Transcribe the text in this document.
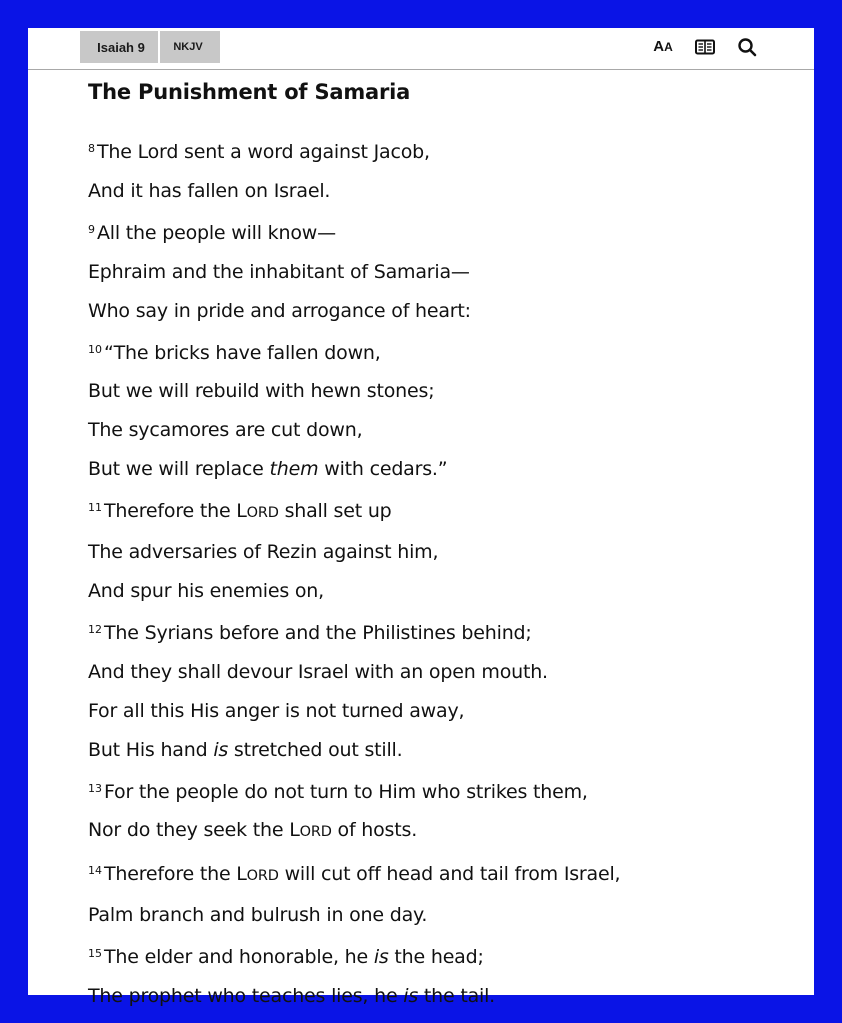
Isaiah 9	NKJV	AA
The Punishment of Samaria
$^8$ The Lord sent a word against Jacob,
And it has fallen on Israel.
$^9$ All the people will know—
Ephraim and the inhabitant of Samaria—
Who say in pride and arrogance of heart:
$^{10}$ “The bricks have fallen down,
But we will rebuild with hewn stones;
The sycamores are cut down,
But we will replace them with cedars.”
$^{11}$ Therefore the LORD shall set up
The adversaries of Rezin against him,
And spur his enemies on,
$^{12}$ The Syrians before and the Philistines behind;
And they shall devour Israel with an open mouth.
For all this His anger is not turned away,
But His hand is stretched out still.
$^{13}$ For the people do not turn to Him who strikes them,
Nor do they seek the LORD of hosts.
$^{14}$ Therefore the LORD will cut off head and tail from Israel,
Palm branch and bulrush in one day.
$^{15}$ The elder and honorable, he is the head;
The prophet who teaches lies, he is the tail.
